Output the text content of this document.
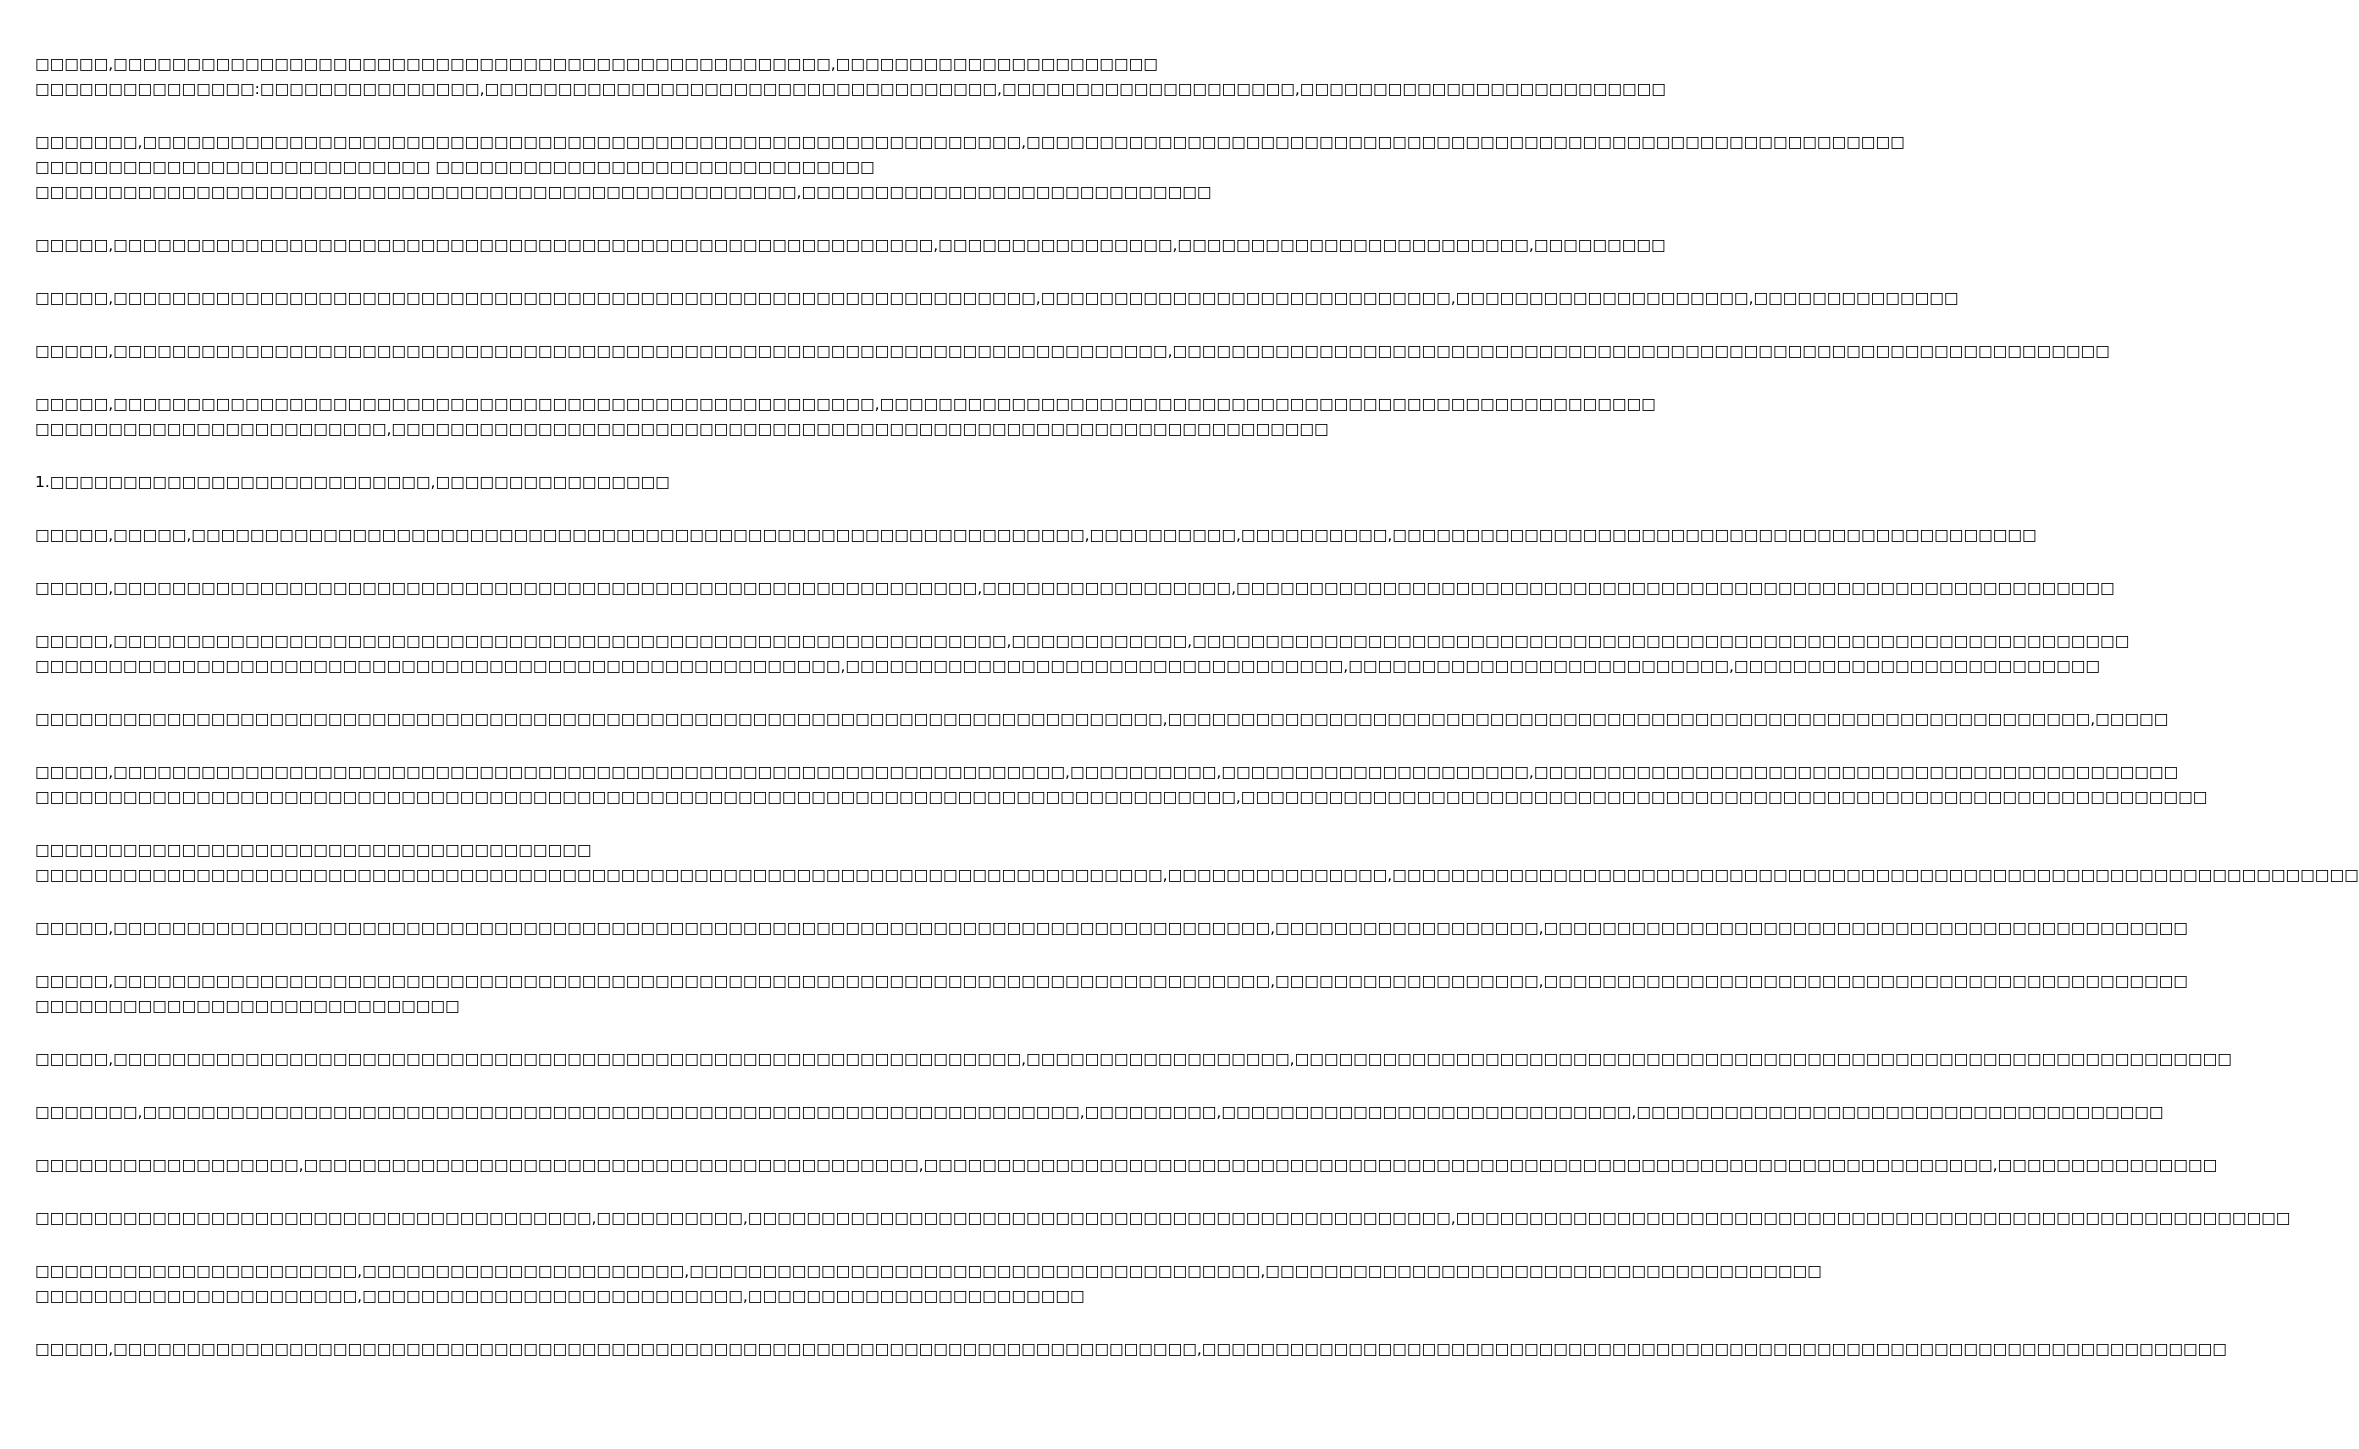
□□□□□,□□□□□□□□□□□□□□□□□□□□□□□□□□□□□□□□□□□□□□□□□□□□□□□□□,□□□□□□□□□□□□□□□□□□□□□□
□□□□□□□□□□□□□□□:□□□□□□□□□□□□□□□,□□□□□□□□□□□□□□□□□□□□□□□□□□□□□□□□□□□,□□□□□□□□□□□□□□□□□□□□,□□□□□□□□□□□□□□□□□□□□□□□□□
□□□□□□□,□□□□□□□□□□□□□□□□□□□□□□□□□□□□□□□□□□□□□□□□□□□□□□□□□□□□□□□□□□□□,□□□□□□□□□□□□□□□□□□□□□□□□□□□□□□□□□□□□□□□□□□□□□□□□□□□□□□□□□□□□
□□□□□□□□□□□□□□□□□□□□□□□□□□□ □□□□□□□□□□□□□□□□□□□□□□□□□□□□□□
□□□□□□□□□□□□□□□□□□□□□□□□□□□□□□□□□□□□□□□□□□□□□□□□□□□□,□□□□□□□□□□□□□□□□□□□□□□□□□□□□
□□□□□,□□□□□□□□□□□□□□□□□□□□□□□□□□□□□□□□□□□□□□□□□□□□□□□□□□□□□□□□,□□□□□□□□□□□□□□□□,□□□□□□□□□□□□□□□□□□□□□□□□,□□□□□□□□□
□□□□□,□□□□□□□□□□□□□□□□□□□□□□□□□□□□□□□□□□□□□□□□□□□□□□□□□□□□□□□□□□□□□□□,□□□□□□□□□□□□□□□□□□□□□□□□□□□□,□□□□□□□□□□□□□□□□□□□□,□□□□□□□□□□□□□□
□□□□□,□□□□□□□□□□□□□□□□□□□□□□□□□□□□□□□□□□□□□□□□□□□□□□□□□□□□□□□□□□□□□□□□□□□□□□□□,□□□□□□□□□□□□□□□□□□□□□□□□□□□□□□□□□□□□□□□□□□□□□□□□□□□□□□□□□□□□□□□□
□□□□□,□□□□□□□□□□□□□□□□□□□□□□□□□□□□□□□□□□□□□□□□□□□□□□□□□□□□,□□□□□□□□□□□□□□□□□□□□□□□□□□□□□□□□□□□□□□□□□□□□□□□□□□□□□
□□□□□□□□□□□□□□□□□□□□□□□□,□□□□□□□□□□□□□□□□□□□□□□□□□□□□□□□□□□□□□□□□□□□□□□□□□□□□□□□□□□□□□□□□
1.□□□□□□□□□□□□□□□□□□□□□□□□□□,□□□□□□□□□□□□□□□□
□□□□□,□□□□□,□□□□□□□□□□□□□□□□□□□□□□□□□□□□□□□□□□□□□□□□□□□□□□□□□□□□□□□□□□□□□,□□□□□□□□□□,□□□□□□□□□□,□□□□□□□□□□□□□□□□□□□□□□□□□□□□□□□□□□□□□□□□□□□□
□□□□□,□□□□□□□□□□□□□□□□□□□□□□□□□□□□□□□□□□□□□□□□□□□□□□□□□□□□□□□□□□□,□□□□□□□□□□□□□□□□□,□□□□□□□□□□□□□□□□□□□□□□□□□□□□□□□□□□□□□□□□□□□□□□□□□□□□□□□□□□□□
□□□□□,□□□□□□□□□□□□□□□□□□□□□□□□□□□□□□□□□□□□□□□□□□□□□□□□□□□□□□□□□□□□□,□□□□□□□□□□□□,□□□□□□□□□□□□□□□□□□□□□□□□□□□□□□□□□□□□□□□□□□□□□□□□□□□□□□□□□□□□□□□□
□□□□□□□□□□□□□□□□□□□□□□□□□□□□□□□□□□□□□□□□□□□□□□□□□□□□□□□,□□□□□□□□□□□□□□□□□□□□□□□□□□□□□□□□□□,□□□□□□□□□□□□□□□□□□□□□□□□□□,□□□□□□□□□□□□□□□□□□□□□□□□□
□□□□□□□□□□□□□□□□□□□□□□□□□□□□□□□□□□□□□□□□□□□□□□□□□□□□□□□□□□□□□□□□□□□□□□□□□□□□□,□□□□□□□□□□□□□□□□□□□□□□□□□□□□□□□□□□□□□□□□□□□□□□□□□□□□□□□□□□□□□□□,□□□□□
□□□□□,□□□□□□□□□□□□□□□□□□□□□□□□□□□□□□□□□□□□□□□□□□□□□□□□□□□□□□□□□□□□□□□□□,□□□□□□□□□□,□□□□□□□□□□□□□□□□□□□□□,□□□□□□□□□□□□□□□□□□□□□□□□□□□□□□□□□□□□□□□□□□□□
□□□□□□□□□□□□□□□□□□□□□□□□□□□□□□□□□□□□□□□□□□□□□□□□□□□□□□□□□□□□□□□□□□□□□□□□□□□□□□□□□□,□□□□□□□□□□□□□□□□□□□□□□□□□□□□□□□□□□□□□□□□□□□□□□□□□□□□□□□□□□□□□□□□□□
□□□□□□□□□□□□□□□□□□□□□□□□□□□□□□□□□□□□□□
□□□□□□□□□□□□□□□□□□□□□□□□□□□□□□□□□□□□□□□□□□□□□□□□□□□□□□□□□□□□□□□□□□□□□□□□□□□□□,□□□□□□□□□□□□□□□,□□□□□□□□□□□□□□□□□□□□□□□□□□□□□□□□□□□□□□□□□□□□□□□□□□□□□□□□□□□□□□□□□□
□□□□□,□□□□□□□□□□□□□□□□□□□□□□□□□□□□□□□□□□□□□□□□□□□□□□□□□□□□□□□□□□□□□□□□□□□□□□□□□□□□□□□,□□□□□□□□□□□□□□□□□□,□□□□□□□□□□□□□□□□□□□□□□□□□□□□□□□□□□□□□□□□□□□□
□□□□□,□□□□□□□□□□□□□□□□□□□□□□□□□□□□□□□□□□□□□□□□□□□□□□□□□□□□□□□□□□□□□□□□□□□□□□□□□□□□□□□,□□□□□□□□□□□□□□□□□□,□□□□□□□□□□□□□□□□□□□□□□□□□□□□□□□□□□□□□□□□□□□□
□□□□□□□□□□□□□□□□□□□□□□□□□□□□□
□□□□□,□□□□□□□□□□□□□□□□□□□□□□□□□□□□□□□□□□□□□□□□□□□□□□□□□□□□□□□□□□□□□□,□□□□□□□□□□□□□□□□□□,□□□□□□□□□□□□□□□□□□□□□□□□□□□□□□□□□□□□□□□□□□□□□□□□□□□□□□□□□□□□□□□□
□□□□□□□,□□□□□□□□□□□□□□□□□□□□□□□□□□□□□□□□□□□□□□□□□□□□□□□□□□□□□□□□□□□□□□□□,□□□□□□□□□,□□□□□□□□□□□□□□□□□□□□□□□□□□□□,□□□□□□□□□□□□□□□□□□□□□□□□□□□□□□□□□□□□
□□□□□□□□□□□□□□□□□□,□□□□□□□□□□□□□□□□□□□□□□□□□□□□□□□□□□□□□□□□□□,□□□□□□□□□□□□□□□□□□□□□□□□□□□□□□□□□□□□□□□□□□□□□□□□□□□□□□□□□□□□□□□□□□□□□□□□□,□□□□□□□□□□□□□□□
□□□□□□□□□□□□□□□□□□□□□□□□□□□□□□□□□□□□□□,□□□□□□□□□□,□□□□□□□□□□□□□□□□□□□□□□□□□□□□□□□□□□□□□□□□□□□□□□□□,□□□□□□□□□□□□□□□□□□□□□□□□□□□□□□□□□□□□□□□□□□□□□□□□□□□□□□□□□
□□□□□□□□□□□□□□□□□□□□□□,□□□□□□□□□□□□□□□□□□□□□□,□□□□□□□□□□□□□□□□□□□□□□□□□□□□□□□□□□□□□□□,□□□□□□□□□□□□□□□□□□□□□□□□□□□□□□□□□□□□□□
□□□□□□□□□□□□□□□□□□□□□□,□□□□□□□□□□□□□□□□□□□□□□□□□□,□□□□□□□□□□□□□□□□□□□□□□□
□□□□□,□□□□□□□□□□□□□□□□□□□□□□□□□□□□□□□□□□□□□□□□□□□□□□□□□□□□□□□□□□□□□□□□□□□□□□□□□□,□□□□□□□□□□□□□□□□□□□□□□□□□□□□□□□□□□□□□□□□□□□□□□□□□□□□□□□□□□□□□□□□□□□□□□
